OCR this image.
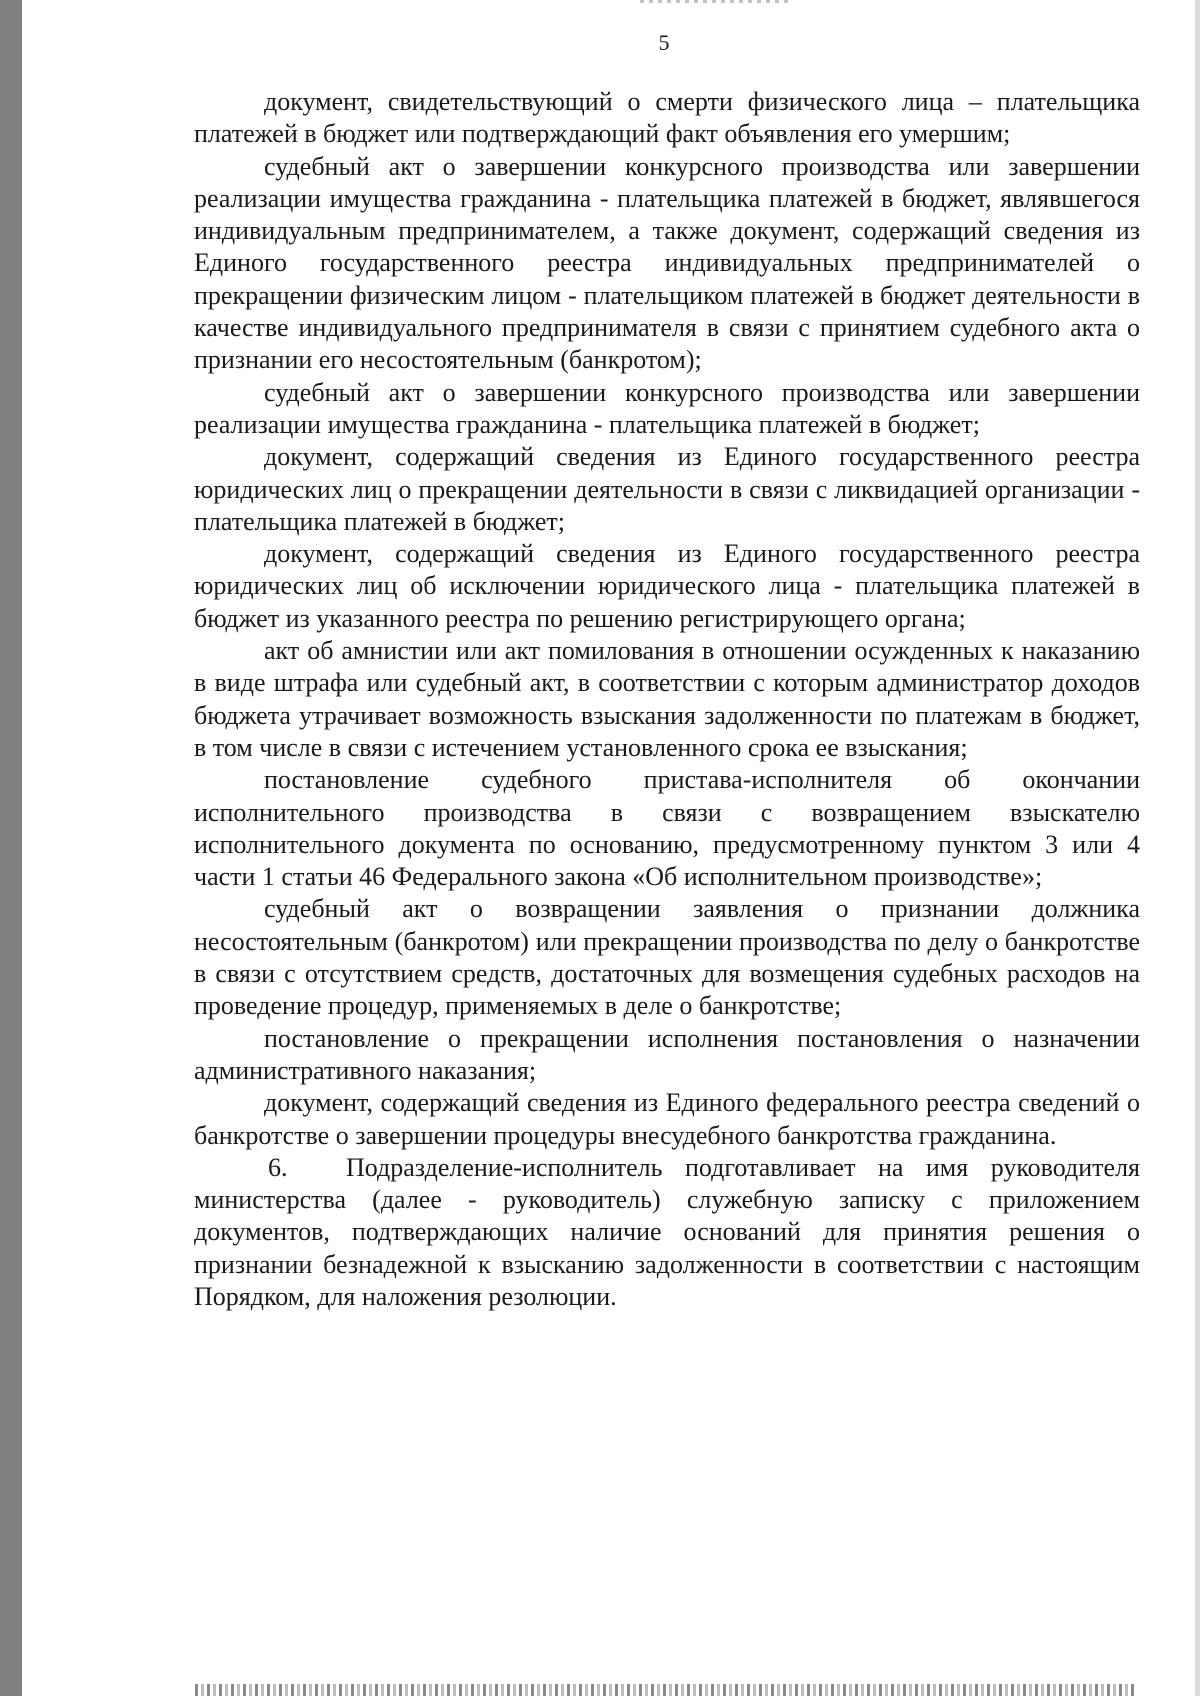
5

документ, свидетельствующий о смерти физического лица – плательщика платежей в бюджет или подтверждающий факт объявления его умершим;

судебный акт о завершении конкурсного производства или завершении реализации имущества гражданина - плательщика платежей в бюджет, являвшегося индивидуальным предпринимателем, а также документ, содержащий сведения из Единого государственного реестра индивидуальных предпринимателей о прекращении физическим лицом - плательщиком платежей в бюджет деятельности в качестве индивидуального предпринимателя в связи с принятием судебного акта о признании его несостоятельным (банкротом);

судебный акт о завершении конкурсного производства или завершении реализации имущества гражданина - плательщика платежей в бюджет;

документ, содержащий сведения из Единого государственного реестра юридических лиц о прекращении деятельности в связи с ликвидацией организации - плательщика платежей в бюджет;

документ, содержащий сведения из Единого государственного реестра юридических лиц об исключении юридического лица - плательщика платежей в бюджет из указанного реестра по решению регистрирующего органа;

акт об амнистии или акт помилования в отношении осужденных к наказанию в виде штрафа или судебный акт, в соответствии с которым администратор доходов бюджета утрачивает возможность взыскания задолженности по платежам в бюджет, в том числе в связи с истечением установленного срока ее взыскания;

постановление судебного пристава-исполнителя об окончании исполнительного производства в связи с возвращением взыскателю исполнительного документа по основанию, предусмотренному пунктом 3 или 4 части 1 статьи 46 Федерального закона «Об исполнительном производстве»;

судебный акт о возвращении заявления о признании должника несостоятельным (банкротом) или прекращении производства по делу о банкротстве в связи с отсутствием средств, достаточных для возмещения судебных расходов на проведение процедур, применяемых в деле о банкротстве;

постановление о прекращении исполнения постановления о назначении административного наказания;

документ, содержащий сведения из Единого федерального реестра сведений о банкротстве о завершении процедуры внесудебного банкротства гражданина.

6. Подразделение-исполнитель подготавливает на имя руководителя министерства (далее - руководитель) служебную записку с приложением документов, подтверждающих наличие оснований для принятия решения о признании безнадежной к взысканию задолженности в соответствии с настоящим Порядком, для наложения резолюции.
